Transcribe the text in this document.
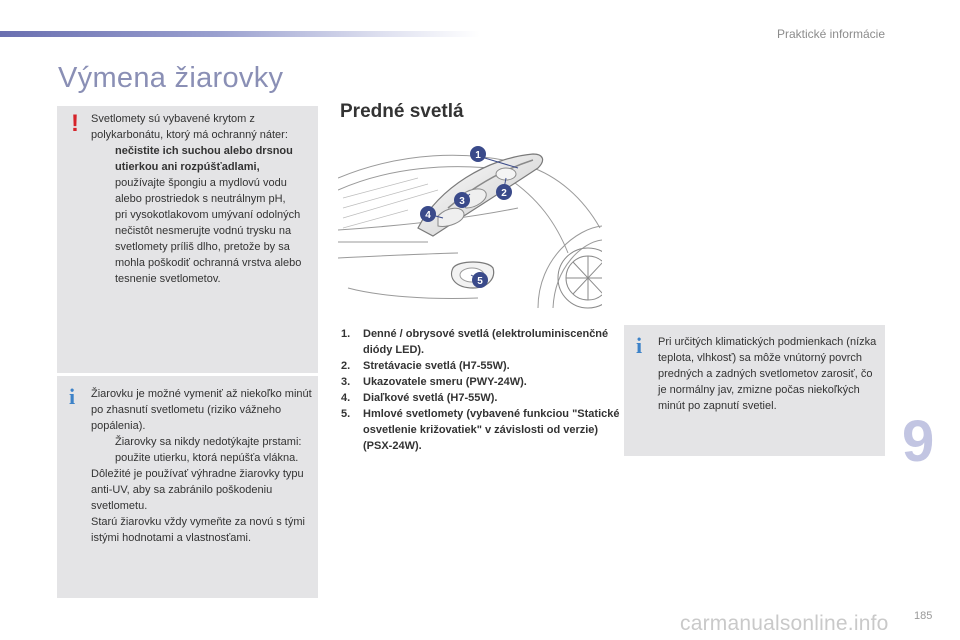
Praktické informácie
Výmena žiarovky
! Svetlomety sú vybavené krytom z polykarbonátu, ktorý má ochranný náter:
nečistite ich suchou alebo drsnou utierkou ani rozpúšťadlami,
používajte špongiu a mydlovú vodu alebo prostriedok s neutrálnym pH,
pri vysokotlakovom umývaní odolných nečistôt nesmerujte vodnú trysku na svetlomety príliš dlho, pretože by sa mohla poškodiť ochranná vrstva alebo tesnenie svetlometov.
i Žiarovku je možné vymeniť až niekoľko minút po zhasnutí svetlometu (riziko vážneho popálenia).
Žiarovky sa nikdy nedotýkajte prstami: použite utierku, ktorá nepúšťa vlákna.
Dôležité je používať výhradne žiarovky typu anti-UV, aby sa zabránilo poškodeniu svetlometu.
Starú žiarovku vždy vymeňte za novú s tými istými hodnotami a vlastnosťami.
Predné svetlá
1
2
3
4
5
1.	Denné / obrysové svetlá (elektroluminiscenčné diódy LED).
2.	Stretávacie svetlá (H7-55W).
3.	Ukazovatele smeru (PWY-24W).
4.	Diaľkové svetlá (H7-55W).
5.	Hmlové svetlomety (vybavené funkciou "Statické osvetlenie križovatiek" v závislosti od verzie) (PSX-24W).
i Pri určitých klimatických podmienkach (nízka teplota, vlhkosť) sa môže vnútorný povrch predných a zadných svetlometov zarosiť, čo je normálny jav, zmizne počas niekoľkých minút po zapnutí svetiel.
9
carmanualsonline.info 185
